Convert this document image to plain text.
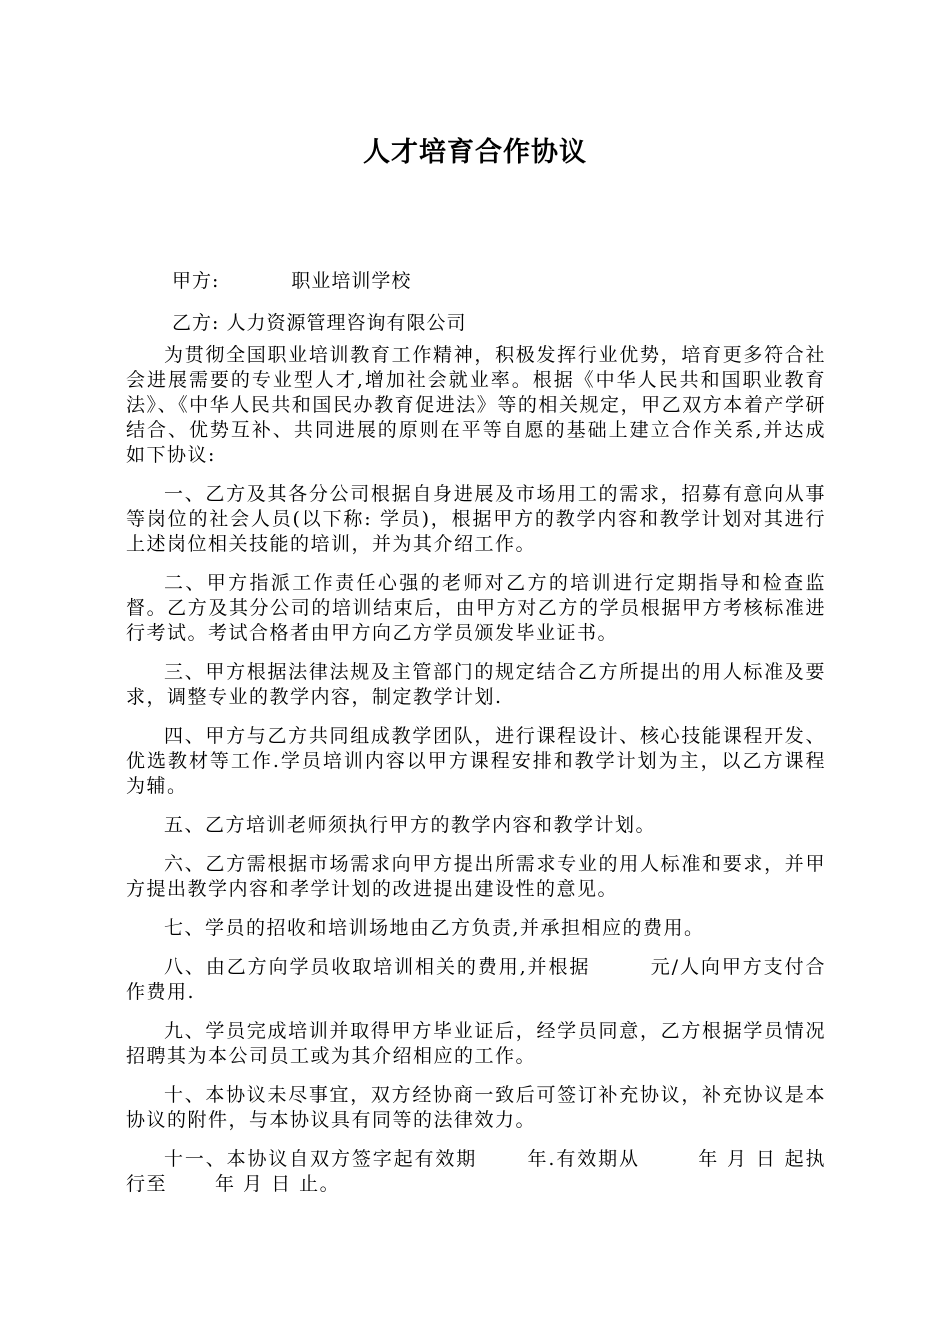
人才培育合作协议

甲方:	职业培训学校

乙方: 人力资源管理咨询有限公司

为贯彻全国职业培训教育工作精神，积极发挥行业优势，培育更多符合社会进展需要的专业型人才,增加社会就业率。根据《中华人民共和国职业教育法》、《中华人民共和国民办教育促进法》等的相关规定，甲乙双方本着产学研结合、优势互补、共同进展的原则在平等自愿的基础上建立合作关系,并达成如下协议:

一、乙方及其各分公司根据自身进展及市场用工的需求，招募有意向从事等岗位的社会人员(以下称: 学员)，根据甲方的教学内容和教学计划对其进行上述岗位相关技能的培训，并为其介绍工作。

二、甲方指派工作责任心强的老师对乙方的培训进行定期指导和检查监督。乙方及其分公司的培训结束后，由甲方对乙方的学员根据甲方考核标准进行考试。考试合格者由甲方向乙方学员颁发毕业证书。

三、甲方根据法律法规及主管部门的规定结合乙方所提出的用人标准及要求，调整专业的教学内容，制定教学计划.

四、甲方与乙方共同组成教学团队，进行课程设计、核心技能课程开发、优选教材等工作.学员培训内容以甲方课程安排和教学计划为主，以乙方课程为辅。

五、乙方培训老师须执行甲方的教学内容和教学计划。

六、乙方需根据市场需求向甲方提出所需求专业的用人标准和要求，并甲方提出教学内容和孝学计划的改进提出建设性的意见。

七、学员的招收和培训场地由乙方负责,并承担相应的费用。

八、由乙方向学员收取培训相关的费用,并根据	元/人向甲方支付合作费用.

九、学员完成培训并取得甲方毕业证后，经学员同意，乙方根据学员情况招聘其为本公司员工或为其介绍相应的工作。

十、本协议未尽事宜，双方经协商一致后可签订补充协议，补充协议是本协议的附件，与本协议具有同等的法律效力。

十一、本协议自双方签字起有效期	年.有效期从	年 月 日 起执行至	年 月 日 止。
